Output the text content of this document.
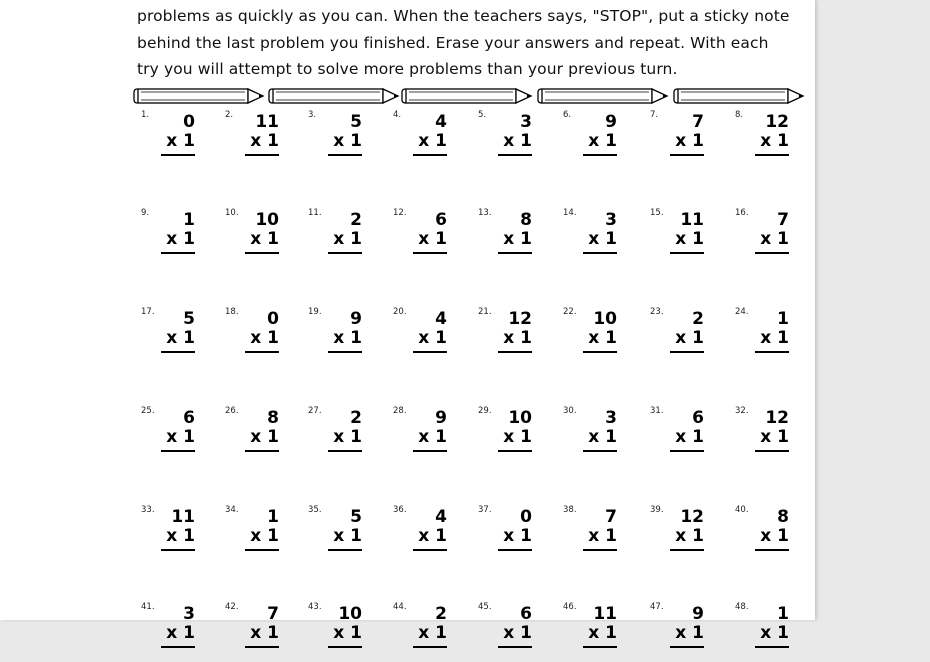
problems as quickly as you can. When the teachers says, "STOP", put a sticky note
behind the last problem you finished. Erase your answers and repeat. With each
try you will attempt to solve more problems than your previous turn.
1. 0
x 1
2. 11
x 1
3. 5
x 1
4. 4
x 1
5. 3
x 1
6. 9
x 1
7. 7
x 1
8. 12
x 1
9. 1
x 1
10. 10
x 1
11. 2
x 1
12. 6
x 1
13. 8
x 1
14. 3
x 1
15. 11
x 1
16. 7
x 1
17. 5
x 1
18. 0
x 1
19. 9
x 1
20. 4
x 1
21. 12
x 1
22. 10
x 1
23. 2
x 1
24. 1
x 1
25. 6
x 1
26. 8
x 1
27. 2
x 1
28. 9
x 1
29. 10
x 1
30. 3
x 1
31. 6
x 1
32. 12
x 1
33. 11
x 1
34. 1
x 1
35. 5
x 1
36. 4
x 1
37. 0
x 1
38. 7
x 1
39. 12
x 1
40. 8
x 1
41. 3
x 1
42. 7
x 1
43. 10
x 1
44. 2
x 1
45. 6
x 1
46. 11
x 1
47. 9
x 1
48. 1
x 1
